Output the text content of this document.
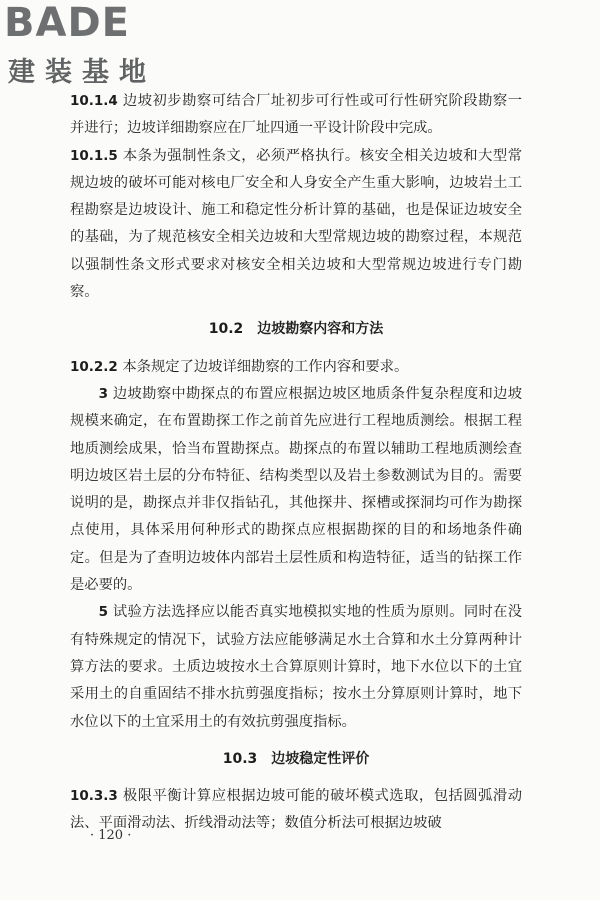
BADE
建装基地

10.1.4 边坡初步勘察可结合厂址初步可行性或可行性研究阶段勘察一并进行；边坡详细勘察应在厂址四通一平设计阶段中完成。

10.1.5 本条为强制性条文，必须严格执行。核安全相关边坡和大型常规边坡的破坏可能对核电厂安全和人身安全产生重大影响，边坡岩土工程勘察是边坡设计、施工和稳定性分析计算的基础，也是保证边坡安全的基础，为了规范核安全相关边坡和大型常规边坡的勘察过程，本规范以强制性条文形式要求对核安全相关边坡和大型常规边坡进行专门勘察。

10.2 边坡勘察内容和方法

10.2.2 本条规定了边坡详细勘察的工作内容和要求。

3 边坡勘察中勘探点的布置应根据边坡区地质条件复杂程度和边坡规模来确定，在布置勘探工作之前首先应进行工程地质测绘。根据工程地质测绘成果，恰当布置勘探点。勘探点的布置以辅助工程地质测绘查明边坡区岩土层的分布特征、结构类型以及岩土参数测试为目的。需要说明的是，勘探点并非仅指钻孔，其他探井、探槽或探洞均可作为勘探点使用，具体采用何种形式的勘探点应根据勘探的目的和场地条件确定。但是为了查明边坡体内部岩土层性质和构造特征，适当的钻探工作是必要的。

5 试验方法选择应以能否真实地模拟实地的性质为原则。同时在没有特殊规定的情况下，试验方法应能够满足水土合算和水土分算两种计算方法的要求。土质边坡按水土合算原则计算时，地下水位以下的土宜采用土的自重固结不排水抗剪强度指标；按水土分算原则计算时，地下水位以下的土宜采用土的有效抗剪强度指标。

10.3 边坡稳定性评价

10.3.3 极限平衡计算应根据边坡可能的破坏模式选取，包括圆弧滑动法、平面滑动法、折线滑动法等；数值分析法可根据边坡破

· 120 ·
